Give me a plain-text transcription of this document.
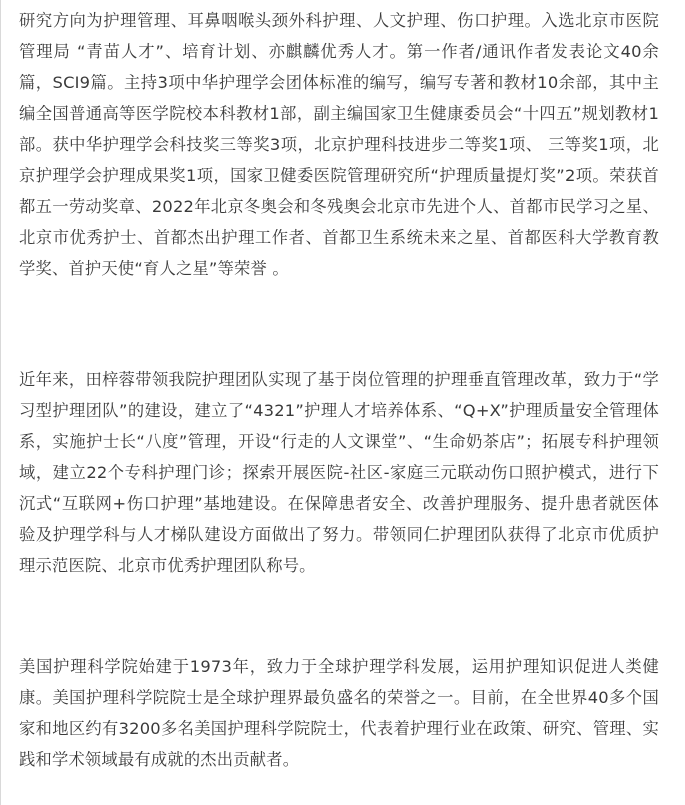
研究方向为护理管理、耳鼻咽喉头颈外科护理、人文护理、伤口护理。入选北京市医院管理局 “青苗人才”、培育计划、亦麒麟优秀人才。第一作者/通讯作者发表论文40余篇，SCI9篇。主持3项中华护理学会团体标准的编写，编写专著和教材10余部，其中主编全国普通高等医学院校本科教材1部，副主编国家卫生健康委员会“十四五”规划教材1部。获中华护理学会科技奖三等奖3项，北京护理科技进步二等奖1项、 三等奖1项，北京护理学会护理成果奖1项，国家卫健委医院管理研究所“护理质量提灯奖”2项。荣获首都五一劳动奖章、2022年北京冬奥会和冬残奥会北京市先进个人、首都市民学习之星、北京市优秀护士、首都杰出护理工作者、首都卫生系统未来之星、首都医科大学教育教学奖、首护天使“育人之星”等荣誉 。

近年来，田梓蓉带领我院护理团队实现了基于岗位管理的护理垂直管理改革，致力于“学习型护理团队”的建设，建立了“4321”护理人才培养体系、“Q+X”护理质量安全管理体系，实施护士长“八度”管理，开设“行走的人文课堂”、“生命奶茶店”；拓展专科护理领域，建立22个专科护理门诊；探索开展医院-社区-家庭三元联动伤口照护模式，进行下沉式“互联网+伤口护理”基地建设。在保障患者安全、改善护理服务、提升患者就医体验及护理学科与人才梯队建设方面做出了努力。带领同仁护理团队获得了北京市优质护理示范医院、北京市优秀护理团队称号。

美国护理科学院始建于1973年，致力于全球护理学科发展，运用护理知识促进人类健康。美国护理科学院院士是全球护理界最负盛名的荣誉之一。目前，在全世界40多个国家和地区约有3200多名美国护理科学院院士，代表着护理行业在政策、研究、管理、实践和学术领域最有成就的杰出贡献者。
